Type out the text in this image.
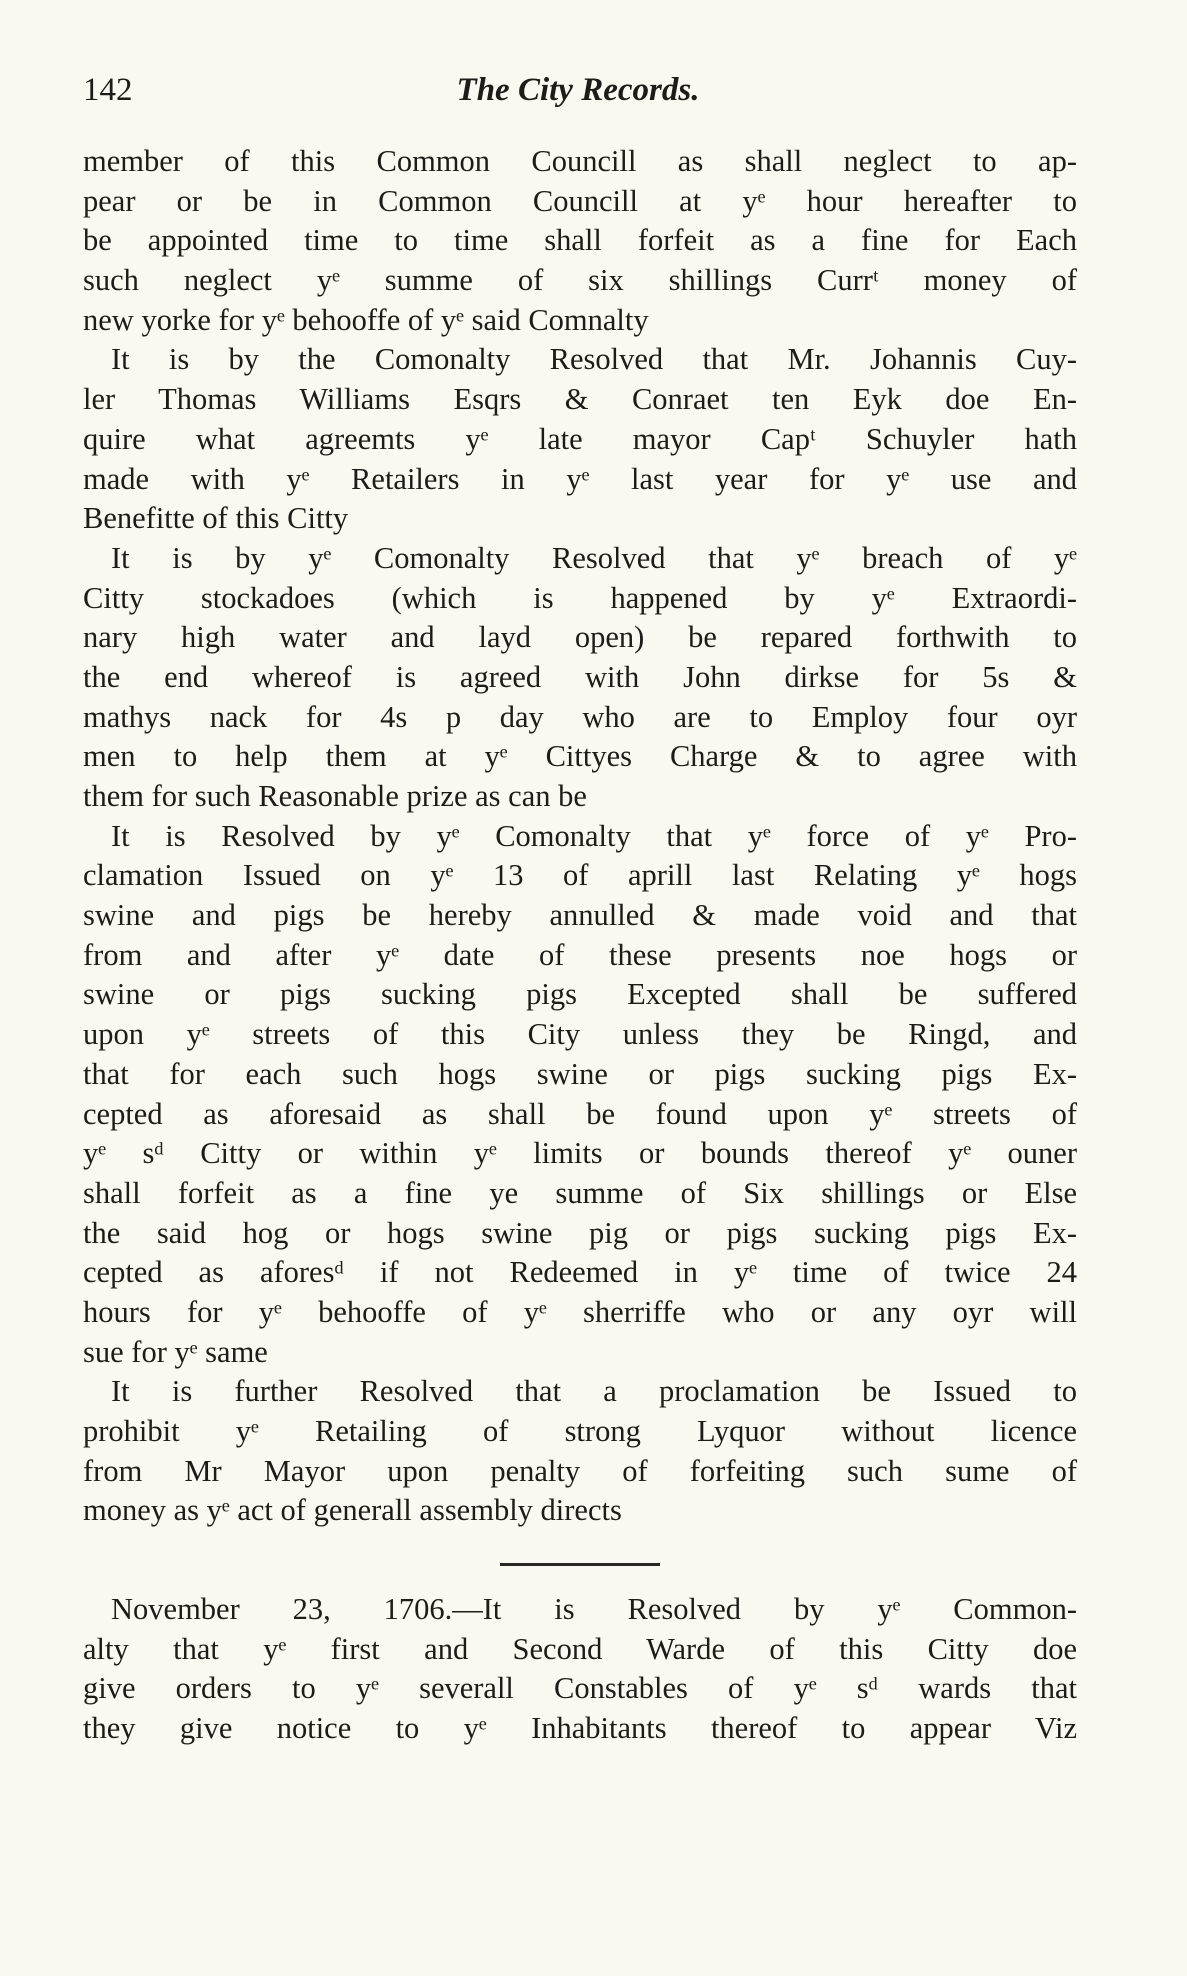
142	The City Records.
member of this Common Councill as shall neglect to ap-
pear or be in Common Councill at yᵉ hour hereafter to
be appointed time to time shall forfeit as a fine for Each
such neglect yᵉ summe of six shillings Currᵗ money of
new yorke for yᵉ behooffe of yᵉ said Comnalty
It is by the Comonalty Resolved that Mr. Johannis Cuy-
ler Thomas Williams Esqrs & Conraet ten Eyk doe En-
quire what agreemts yᵉ late mayor Capᵗ Schuyler hath
made with yᵉ Retailers in yᵉ last year for yᵉ use and
Benefitte of this Citty
It is by yᵉ Comonalty Resolved that yᵉ breach of yᵉ
Citty stockadoes (which is happened by yᵉ Extraordi-
nary high water and layd open) be repared forthwith to
the end whereof is agreed with John dirkse for 5s &
mathys nack for 4s p day who are to Employ four oyr
men to help them at yᵉ Cittyes Charge & to agree with
them for such Reasonable prize as can be
It is Resolved by yᵉ Comonalty that yᵉ force of yᵉ Pro-
clamation Issued on yᵉ 13 of aprill last Relating yᵉ hogs
swine and pigs be hereby annulled & made void and that
from and after yᵉ date of these presents noe hogs or
swine or pigs sucking pigs Excepted shall be suffered
upon yᵉ streets of this City unless they be Ringd, and
that for each such hogs swine or pigs sucking pigs Ex-
cepted as aforesaid as shall be found upon yᵉ streets of
yᵉ sᵈ Citty or within yᵉ limits or bounds thereof yᵉ ouner
shall forfeit as a fine ye summe of Six shillings or Else
the said hog or hogs swine pig or pigs sucking pigs Ex-
cepted as aforesᵈ if not Redeemed in yᵉ time of twice 24
hours for yᵉ behooffe of yᵉ sherriffe who or any oyr will
sue for yᵉ same
It is further Resolved that a proclamation be Issued to
prohibit yᵉ Retailing of strong Lyquor without licence
from Mr Mayor upon penalty of forfeiting such sume of
money as yᵉ act of generall assembly directs
November 23, 1706.—It is Resolved by yᵉ Common-
alty that yᵉ first and Second Warde of this Citty doe
give orders to yᵉ severall Constables of yᵉ sᵈ wards that
they give notice to yᵉ Inhabitants thereof to appear Viz
